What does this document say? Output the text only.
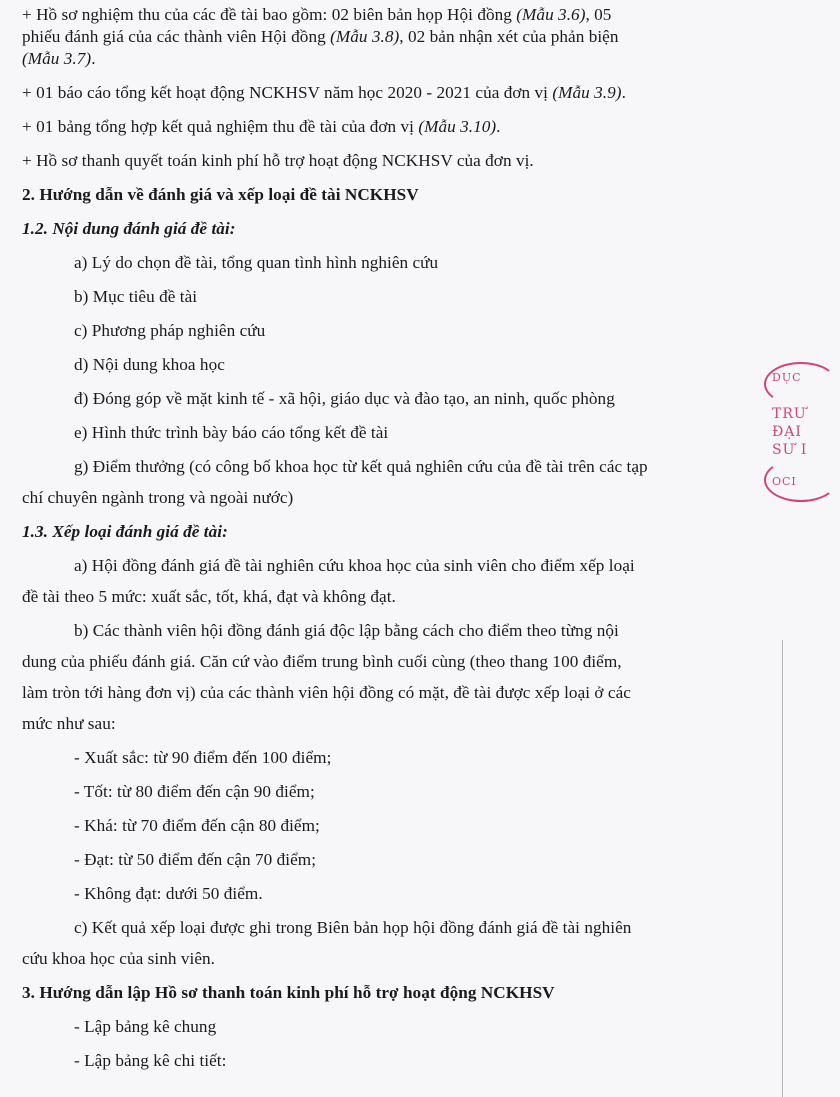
+ Hồ sơ nghiệm thu của các đề tài bao gồm: 02 biên bản họp Hội đồng (Mẫu 3.6), 05

phiếu đánh giá của các thành viên Hội đồng (Mẫu 3.8), 02 bản nhận xét của phản biện

(Mẫu 3.7).

+ 01 báo cáo tổng kết hoạt động NCKHSV năm học 2020 - 2021 của đơn vị (Mẫu 3.9).

+ 01 bảng tổng hợp kết quả nghiệm thu đề tài của đơn vị (Mẫu 3.10).

+ Hồ sơ thanh quyết toán kinh phí hỗ trợ hoạt động NCKHSV của đơn vị.

2. Hướng dẫn về đánh giá và xếp loại đề tài NCKHSV

1.2. Nội dung đánh giá đề tài:

a) Lý do chọn đề tài, tổng quan tình hình nghiên cứu

b) Mục tiêu đề tài

c) Phương pháp nghiên cứu

d) Nội dung khoa học

đ) Đóng góp về mặt kinh tế - xã hội, giáo dục và đào tạo, an ninh, quốc phòng

e) Hình thức trình bày báo cáo tổng kết đề tài

g) Điểm thưởng (có công bố khoa học từ kết quả nghiên cứu của đề tài trên các tạp

chí chuyên ngành trong và ngoài nước)

1.3. Xếp loại đánh giá đề tài:

a) Hội đồng đánh giá đề tài nghiên cứu khoa học của sinh viên cho điểm xếp loại

đề tài theo 5 mức: xuất sắc, tốt, khá, đạt và không đạt.

b) Các thành viên hội đồng đánh giá độc lập bằng cách cho điểm theo từng nội

dung của phiếu đánh giá. Căn cứ vào điểm trung bình cuối cùng (theo thang 100 điểm,

làm tròn tới hàng đơn vị) của các thành viên hội đồng có mặt, đề tài được xếp loại ở các

mức như sau:

- Xuất sắc: từ 90 điểm đến 100 điểm;

- Tốt: từ 80 điểm đến cận 90 điểm;

- Khá: từ 70 điểm đến cận 80 điểm;

- Đạt: từ 50 điểm đến cận 70 điểm;

- Không đạt: dưới 50 điểm.

c) Kết quả xếp loại được ghi trong Biên bản họp hội đồng đánh giá đề tài nghiên

cứu khoa học của sinh viên.

3. Hướng dẫn lập Hồ sơ thanh toán kinh phí hỗ trợ hoạt động NCKHSV

- Lập bảng kê chung

- Lập bảng kê chi tiết:

DỤC
TRƯ
ĐẠI
SƯ I
OCI
